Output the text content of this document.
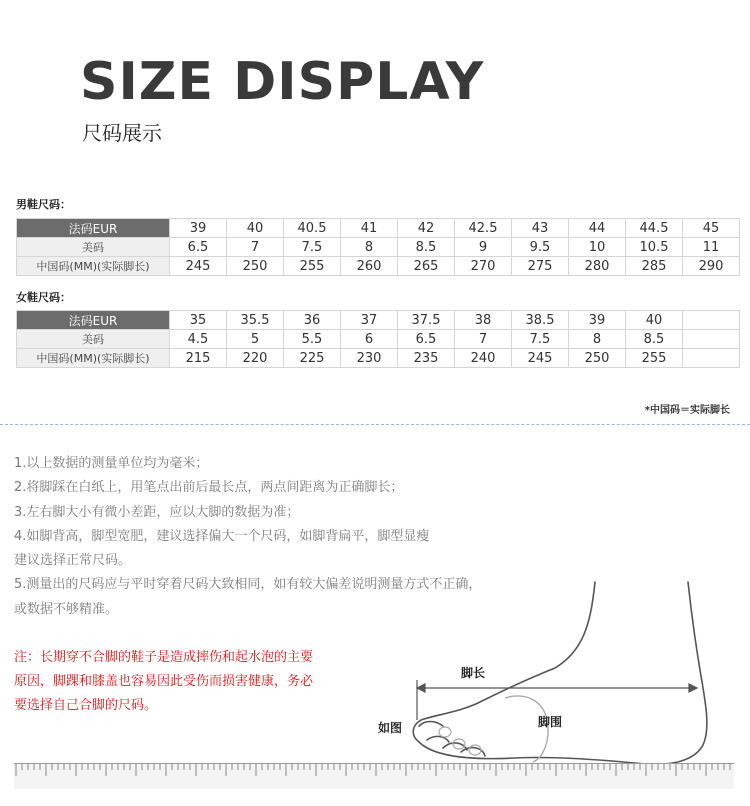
SIZE DISPLAY
尺码展示
男鞋尺码：
法码EUR	39	40	40.5	41	42	42.5	43	44	44.5	45
美码	6.5	7	7.5	8	8.5	9	9.5	10	10.5	11
中国码(MM)(实际脚长)	245	250	255	260	265	270	275	280	285	290
女鞋尺码：
法码EUR	35	35.5	36	37	37.5	38	38.5	39	40	
美码	4.5	5	5.5	6	6.5	7	7.5	8	8.5	
中国码(MM)(实际脚长)	215	220	225	230	235	240	245	250	255	
*中国码＝实际脚长
1.以上数据的测量单位均为毫米；
2.将脚踩在白纸上，用笔点出前后最长点，两点间距离为正确脚长；
3.左右脚大小有微小差距，应以大脚的数据为准；
4.如脚背高，脚型宽肥，建议选择偏大一个尺码，如脚背扁平，脚型显瘦
建议选择正常尺码。
5.测量出的尺码应与平时穿着尺码大致相同，如有较大偏差说明测量方式不正确，
或数据不够精准。
注：长期穿不合脚的鞋子是造成摔伤和起水泡的主要
原因，脚踝和膝盖也容易因此受伤而损害健康，务必
要选择自己合脚的尺码。
脚长
脚围
如图
